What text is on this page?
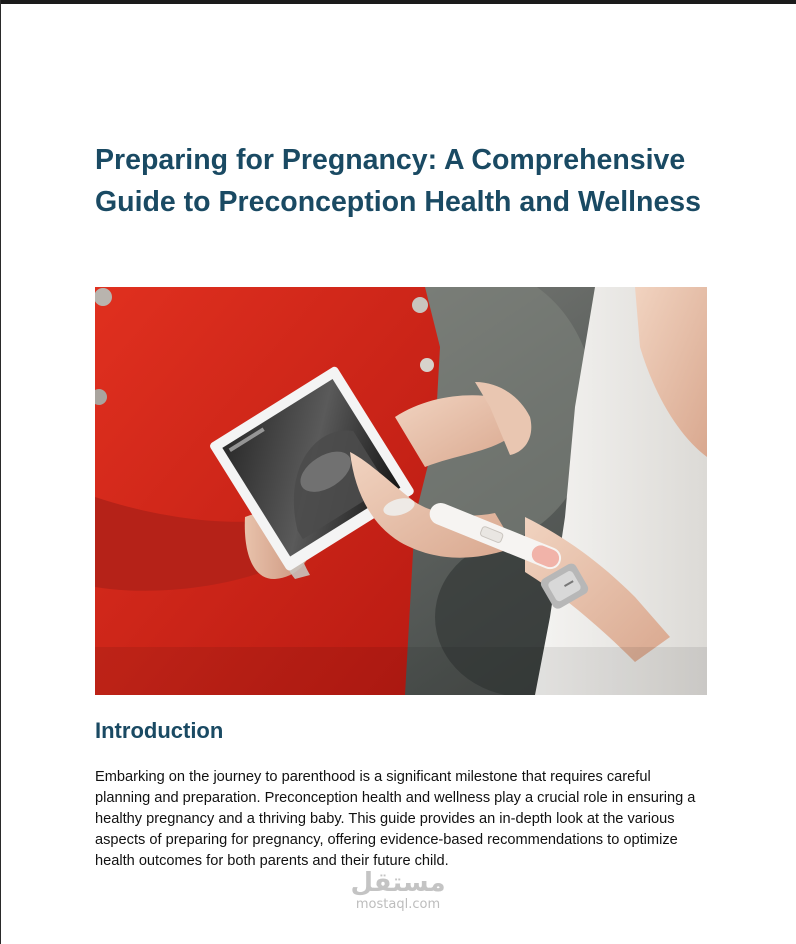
Preparing for Pregnancy: A Comprehensive Guide to Preconception Health and Wellness
Introduction

Embarking on the journey to parenthood is a significant milestone that requires careful planning and preparation. Preconception health and wellness play a crucial role in ensuring a healthy pregnancy and a thriving baby. This guide provides an in-depth look at the various aspects of preparing for pregnancy, offering evidence-based recommendations to optimize health outcomes for both parents and their future child.

مستقل
mostaql.com
